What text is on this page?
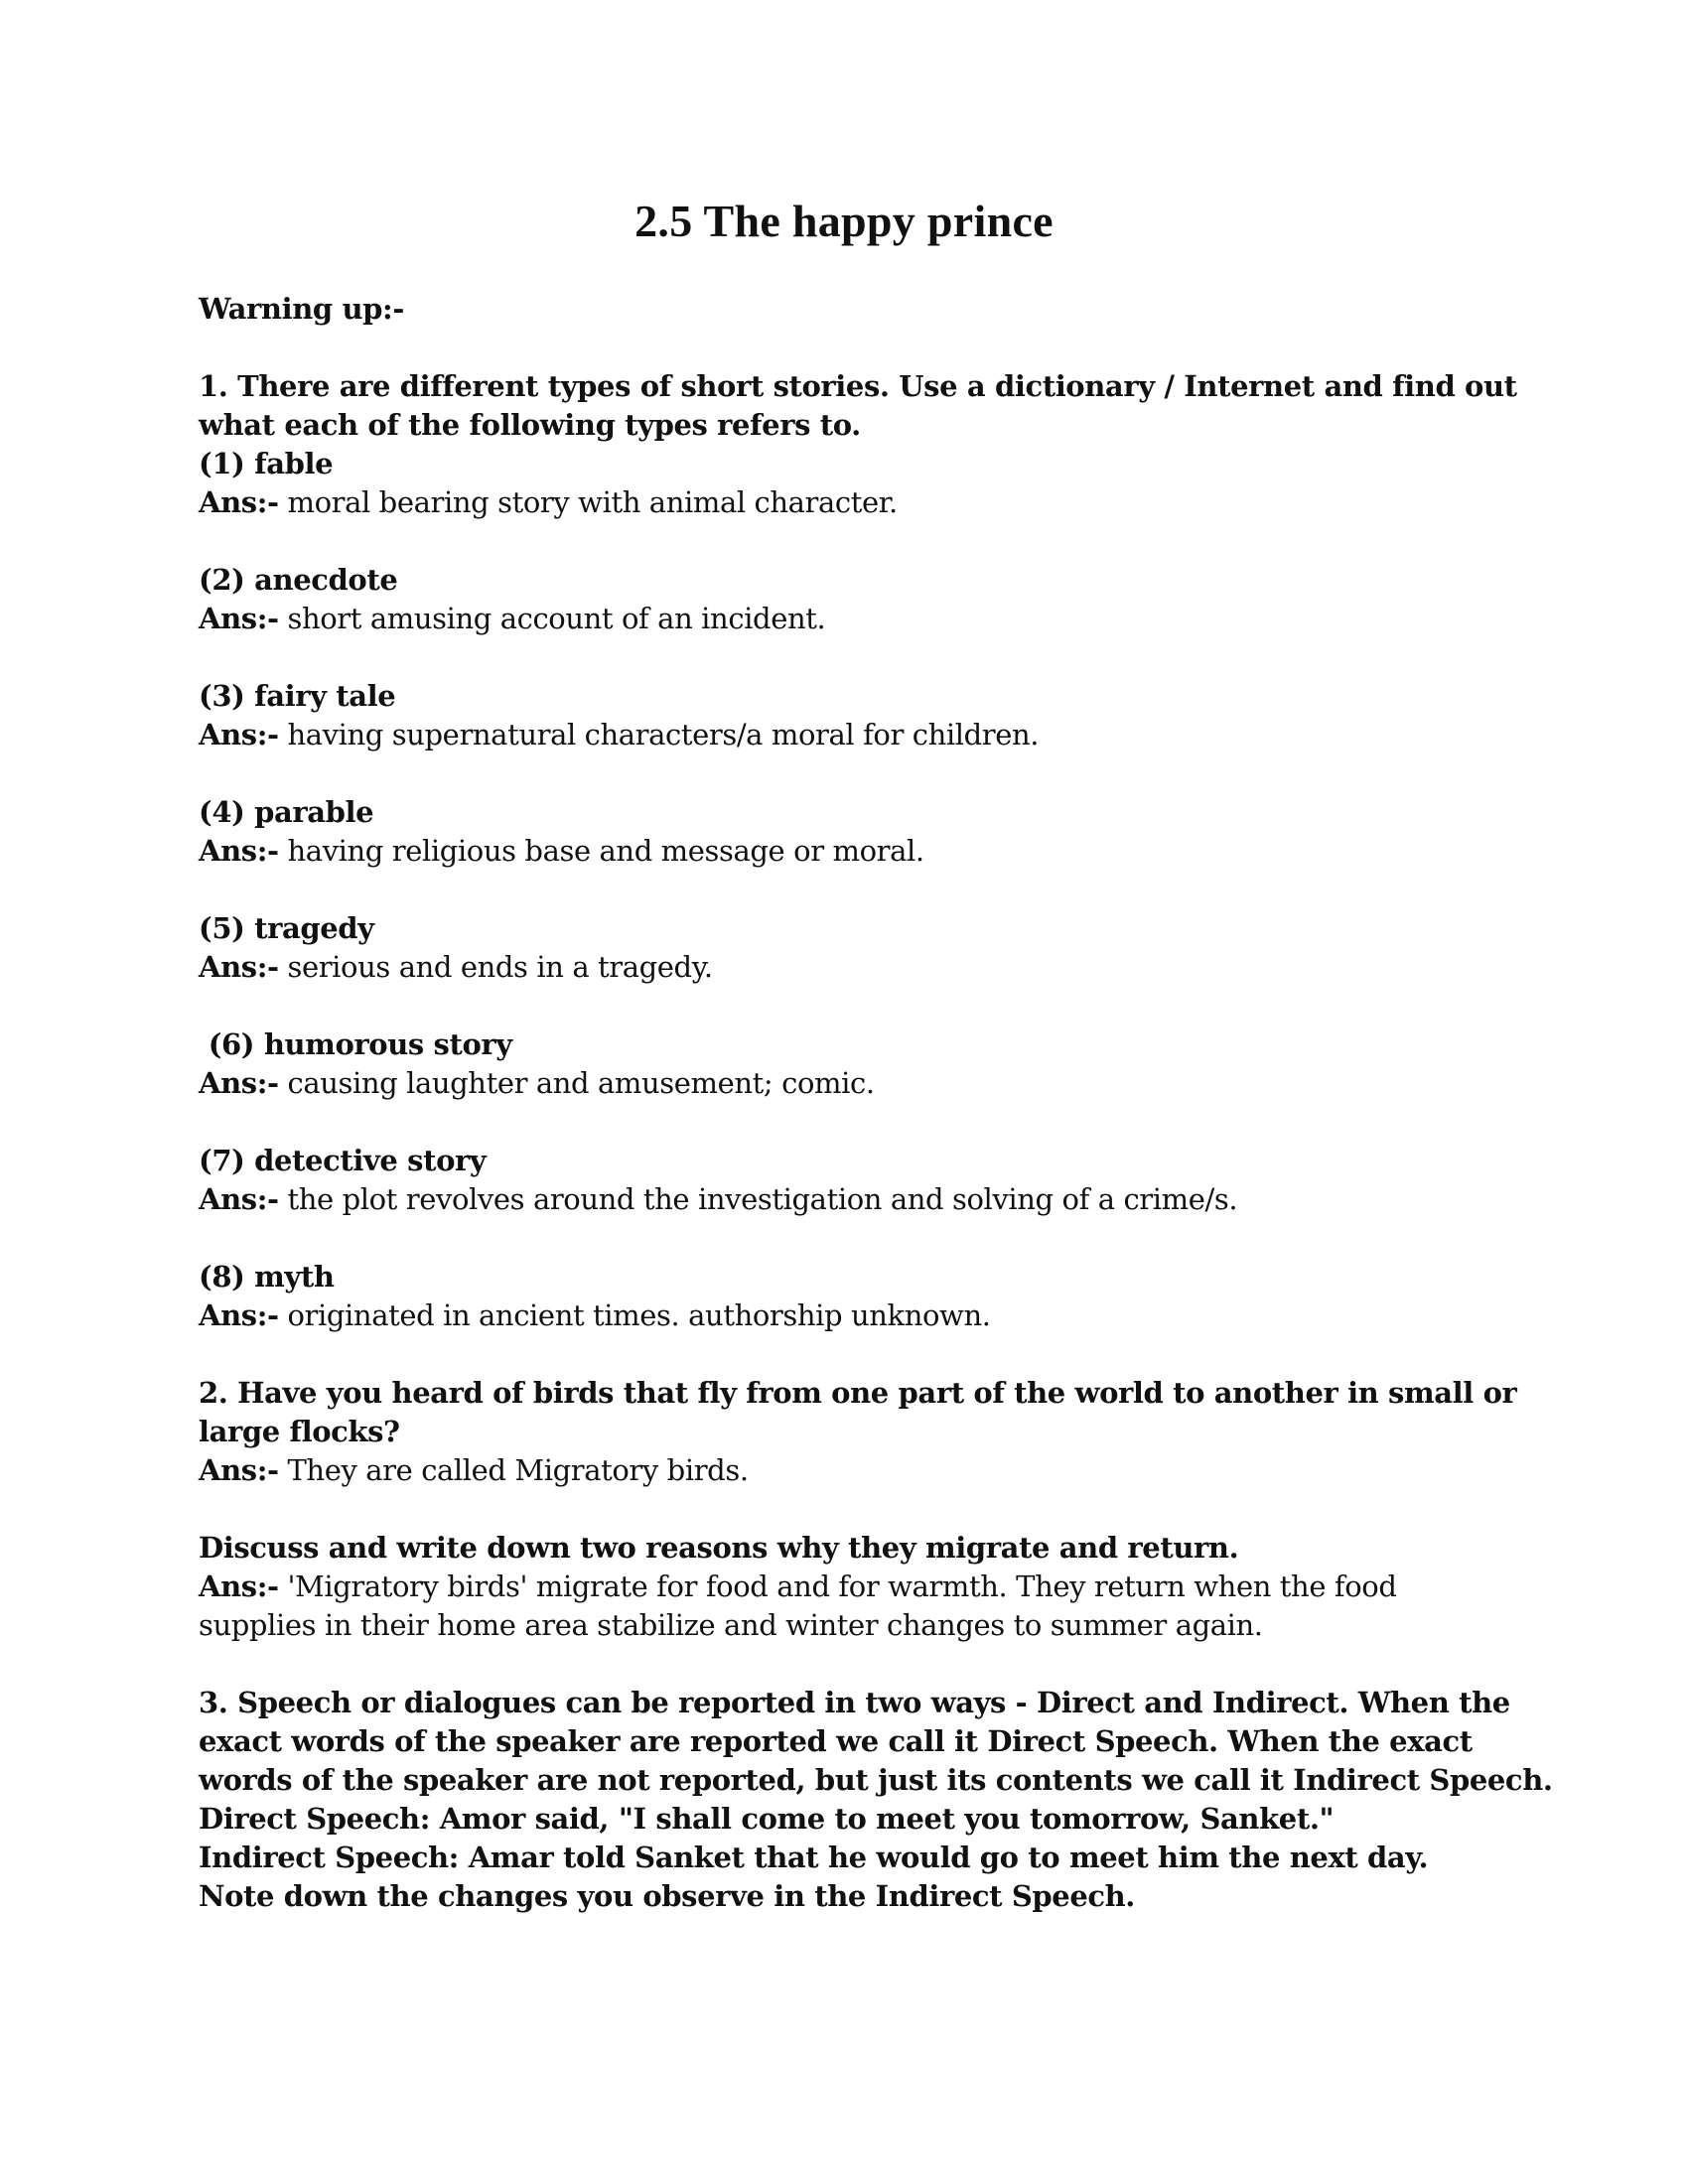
2.5 The happy prince
Warning up:-
1. There are different types of short stories. Use a dictionary / Internet and find out
what each of the following types refers to.
(1) fable
Ans:- moral bearing story with animal character.
(2) anecdote
Ans:- short amusing account of an incident.
(3) fairy tale
Ans:- having supernatural characters/a moral for children.
(4) parable
Ans:- having religious base and message or moral.
(5) tragedy
Ans:- serious and ends in a tragedy.
(6) humorous story
Ans:- causing laughter and amusement; comic.
(7) detective story
Ans:- the plot revolves around the investigation and solving of a crime/s.
(8) myth
Ans:- originated in ancient times. authorship unknown.
2. Have you heard of birds that fly from one part of the world to another in small or
large flocks?
Ans:- They are called Migratory birds.
Discuss and write down two reasons why they migrate and return.
Ans:- 'Migratory birds' migrate for food and for warmth. They return when the food
supplies in their home area stabilize and winter changes to summer again.
3. Speech or dialogues can be reported in two ways - Direct and Indirect. When the
exact words of the speaker are reported we call it Direct Speech. When the exact
words of the speaker are not reported, but just its contents we call it Indirect Speech.
Direct Speech: Amor said, "I shall come to meet you tomorrow, Sanket."
Indirect Speech: Amar told Sanket that he would go to meet him the next day.
Note down the changes you observe in the Indirect Speech.
